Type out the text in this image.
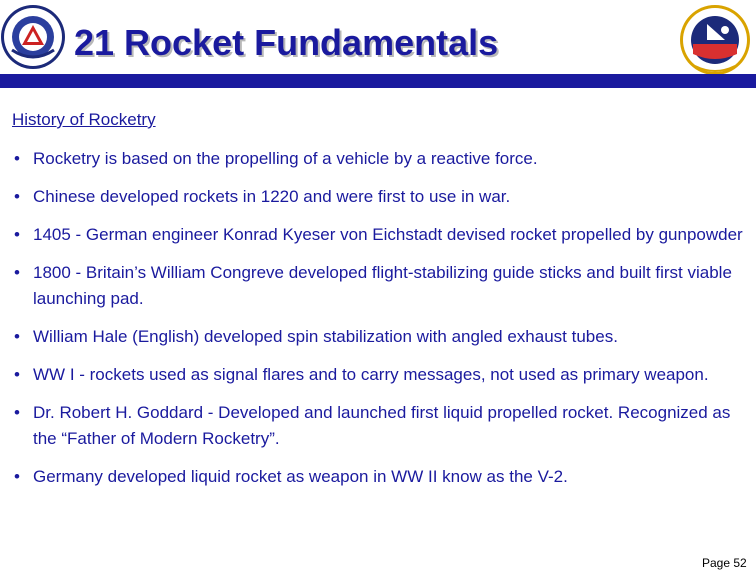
21 Rocket Fundamentals
History of Rocketry
• Rocketry is based on the propelling of a vehicle by a reactive force.
• Chinese developed rockets in 1220 and were first to use in war.
• 1405 - German engineer Konrad Kyeser von Eichstadt devised rocket propelled by gunpowder
• 1800 - Britain’s William Congreve developed flight-stabilizing guide sticks and built first viable launching pad.
• William Hale (English) developed spin stabilization with angled exhaust tubes.
• WW I - rockets used as signal flares and to carry messages, not used as primary weapon.
• Dr. Robert H. Goddard - Developed and launched first liquid propelled rocket. Recognized as the “Father of Modern Rocketry”.
• Germany developed liquid rocket as weapon in WW II know as the V-2.
Page 52
